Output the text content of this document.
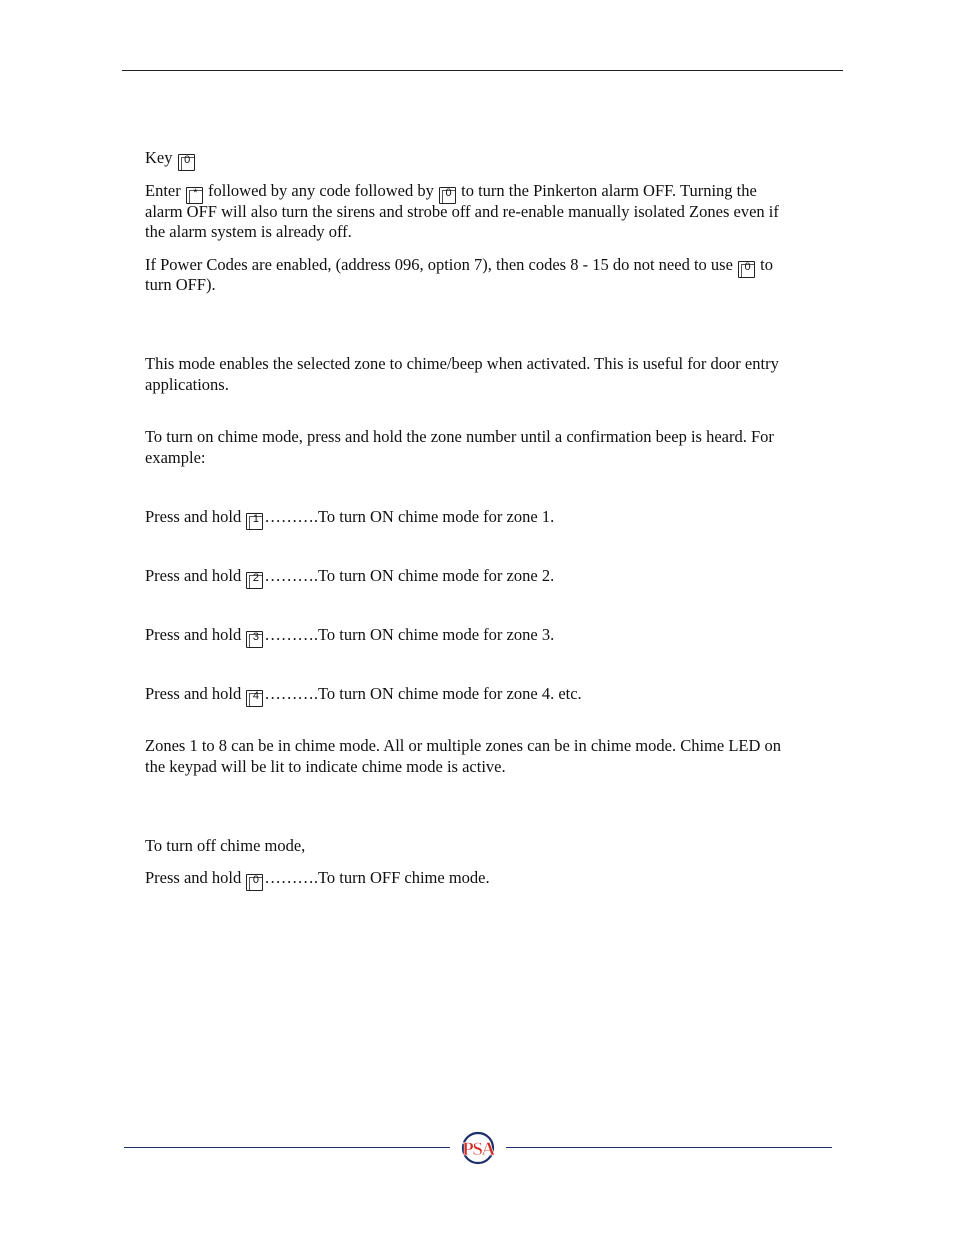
Key 0
Enter * followed by any code followed by 0 to turn the Pinkerton alarm OFF. Turning the
alarm OFF will also turn the sirens and strobe off and re-enable manually isolated Zones even if
the alarm system is already off.
If Power Codes are enabled, (address 096, option 7), then codes 8 - 15 do not need to use 0 to
turn OFF).
This mode enables the selected zone to chime/beep when activated. This is useful for door entry
applications.
To turn on chime mode, press and hold the zone number until a confirmation beep is heard. For
example:
Press and hold 1 ……….To turn ON chime mode for zone 1.
Press and hold 2 ……….To turn ON chime mode for zone 2.
Press and hold 3 ……….To turn ON chime mode for zone 3.
Press and hold 4 ……….To turn ON chime mode for zone 4. etc.
Zones 1 to 8 can be in chime mode. All or multiple zones can be in chime mode. Chime LED on
the keypad will be lit to indicate chime mode is active.
To turn off chime mode,
Press and hold 0 ……….To turn OFF chime mode.
PSA
